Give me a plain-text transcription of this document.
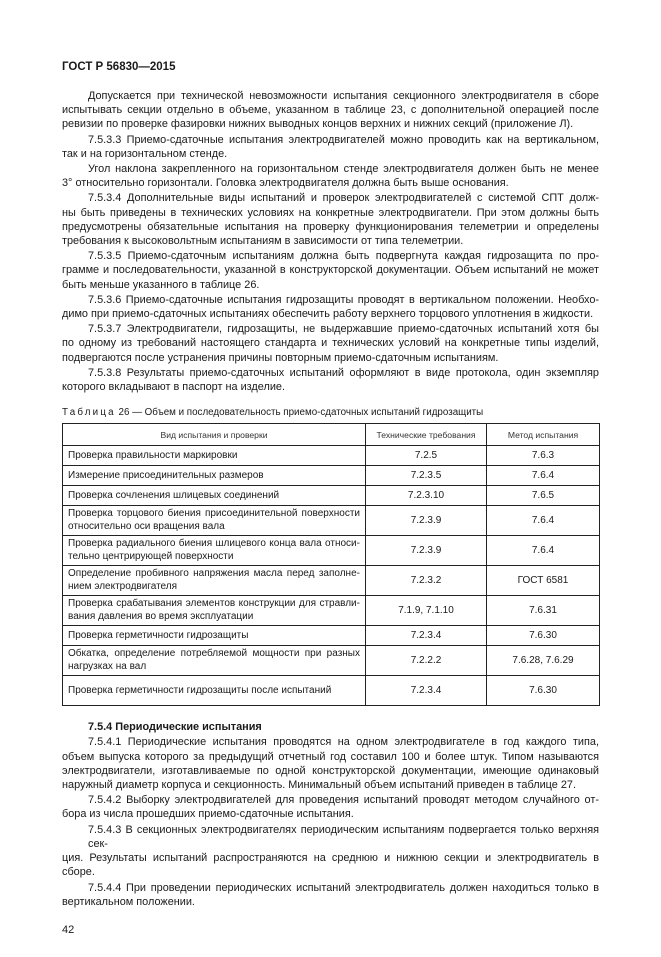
ГОСТ Р 56830—2015
Допускается при технической невозможности испытания секционного электродвигателя в сборе
испытывать секции отдельно в объеме, указанном в таблице 23, с дополнительной операцией после
ревизии по проверке фазировки нижних выводных концов верхних и нижних секций (приложение Л).
7.5.3.3 Приемо-сдаточные испытания электродвигателей можно проводить как на вертикальном,
так и на горизонтальном стенде.
Угол наклона закрепленного на горизонтальном стенде электродвигателя должен быть не менее
3° относительно горизонтали. Головка электродвигателя должна быть выше основания.
7.5.3.4 Дополнительные виды испытаний и проверок электродвигателей с системой СПТ долж-
ны быть приведены в технических условиях на конкретные электродвигатели. При этом должны быть
предусмотрены обязательные испытания на проверку функционирования телеметрии и определены
требования к высоковольтным испытаниям в зависимости от типа телеметрии.
7.5.3.5 Приемо-сдаточным испытаниям должна быть подвергнута каждая гидрозащита по про-
грамме и последовательности, указанной в конструкторской документации. Объем испытаний не может
быть меньше указанного в таблице 26.
7.5.3.6 Приемо-сдаточные испытания гидрозащиты проводят в вертикальном положении. Необхо-
димо при приемо-сдаточных испытаниях обеспечить работу верхнего торцового уплотнения в жидкости.
7.5.3.7 Электродвигатели, гидрозащиты, не выдержавшие приемо-сдаточных испытаний хотя бы
по одному из требований настоящего стандарта и технических условий на конкретные типы изделий,
подвергаются после устранения причины повторным приемо-сдаточным испытаниям.
7.5.3.8 Результаты приемо-сдаточных испытаний оформляют в виде протокола, один экземпляр
которого вкладывают в паспорт на изделие.
Таблица 26 — Объем и последовательность приемо-сдаточных испытаний гидрозащиты
Вид испытания и проверки	Технические требования	Метод испытания
Проверка правильности маркировки	7.2.5	7.6.3
Измерение присоединительных размеров	7.2.3.5	7.6.4
Проверка сочленения шлицевых соединений	7.2.3.10	7.6.5
Проверка торцового биения присоединительной поверхности относительно оси вращения вала	7.2.3.9	7.6.4
Проверка радиального биения шлицевого конца вала относительно центрирующей поверхности	7.2.3.9	7.6.4
Определение пробивного напряжения масла перед заполнением электродвигателя	7.2.3.2	ГОСТ 6581
Проверка срабатывания элементов конструкции для стравливания давления во время эксплуатации	7.1.9, 7.1.10	7.6.31
Проверка герметичности гидрозащиты	7.2.3.4	7.6.30
Обкатка, определение потребляемой мощности при разных нагрузках на вал	7.2.2.2	7.6.28, 7.6.29
Проверка герметичности гидрозащиты после испытаний	7.2.3.4	7.6.30
7.5.4 Периодические испытания
7.5.4.1 Периодические испытания проводятся на одном электродвигателе в год каждого типа,
объем выпуска которого за предыдущий отчетный год составил 100 и более штук. Типом называются
электродвигатели, изготавливаемые по одной конструкторской документации, имеющие одинаковый
наружный диаметр корпуса и секционность. Минимальный объем испытаний приведен в таблице 27.
7.5.4.2 Выборку электродвигателей для проведения испытаний проводят методом случайного от-
бора из числа прошедших приемо-сдаточные испытания.
7.5.4.3 В секционных электродвигателях периодическим испытаниям подвергается только верхняя сек-
ция. Результаты испытаний распространяются на среднюю и нижнюю секции и электродвигатель в сборе.
7.5.4.4 При проведении периодических испытаний электродвигатель должен находиться только в
вертикальном положении.
42
